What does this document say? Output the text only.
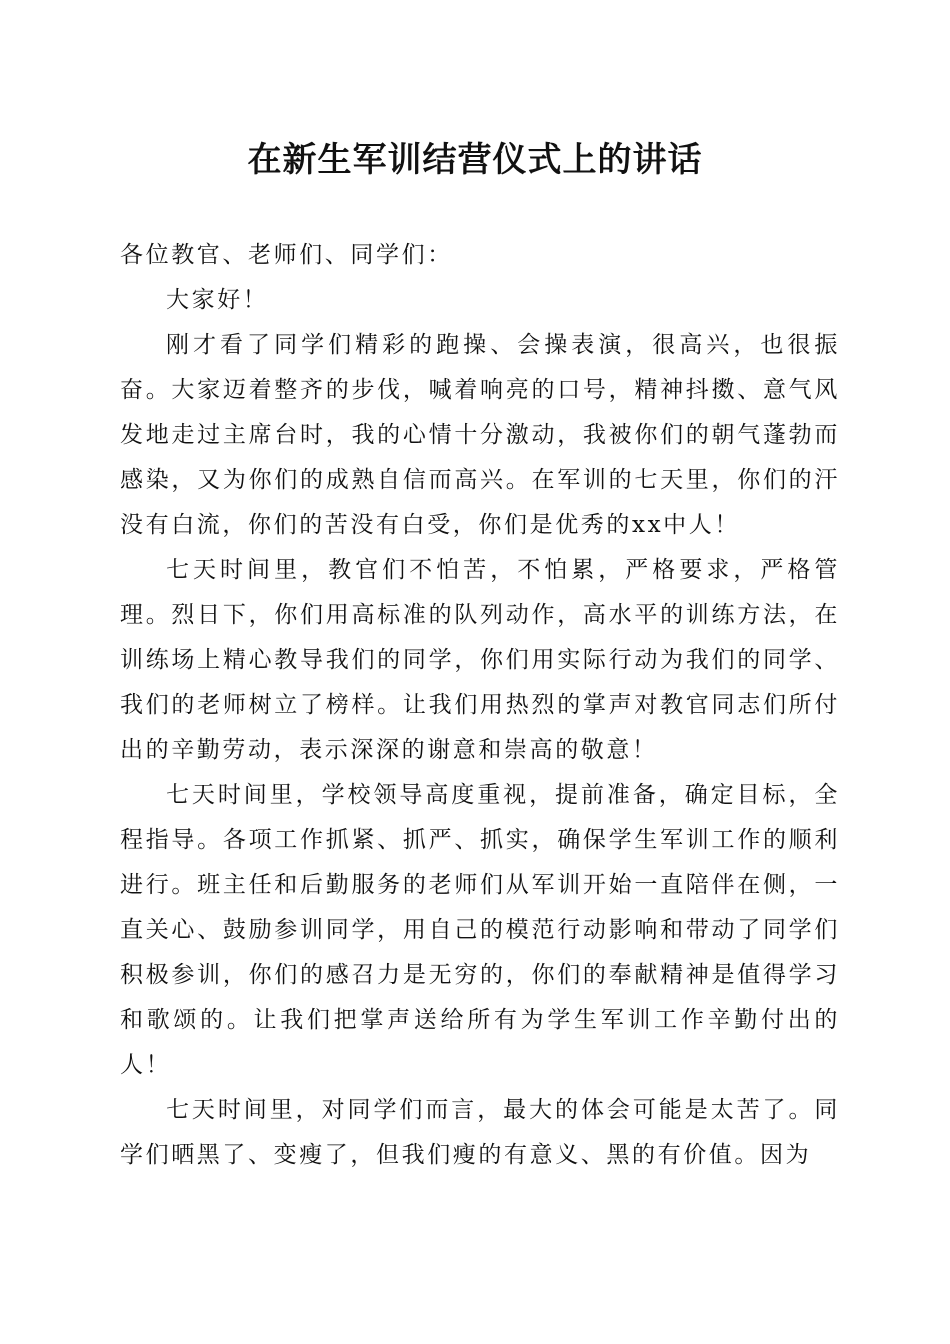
在新生军训结营仪式上的讲话

各位教官、老师们、同学们：

大家好！

刚才看了同学们精彩的跑操、会操表演，很高兴，也很振奋。大家迈着整齐的步伐，喊着响亮的口号，精神抖擞、意气风发地走过主席台时，我的心情十分激动，我被你们的朝气蓬勃而感染，又为你们的成熟自信而高兴。在军训的七天里，你们的汗没有白流，你们的苦没有白受，你们是优秀的xx中人！

七天时间里，教官们不怕苦，不怕累，严格要求，严格管理。烈日下，你们用高标准的队列动作，高水平的训练方法，在训练场上精心教导我们的同学，你们用实际行动为我们的同学、我们的老师树立了榜样。让我们用热烈的掌声对教官同志们所付出的辛勤劳动，表示深深的谢意和崇高的敬意！

七天时间里，学校领导高度重视，提前准备，确定目标，全程指导。各项工作抓紧、抓严、抓实，确保学生军训工作的顺利进行。班主任和后勤服务的老师们从军训开始一直陪伴在侧，一直关心、鼓励参训同学，用自己的模范行动影响和带动了同学们积极参训，你们的感召力是无穷的，你们的奉献精神是值得学习和歌颂的。让我们把掌声送给所有为学生军训工作辛勤付出的人！

七天时间里，对同学们而言，最大的体会可能是太苦了。同学们晒黑了、变瘦了，但我们瘦的有意义、黑的有价值。因为
